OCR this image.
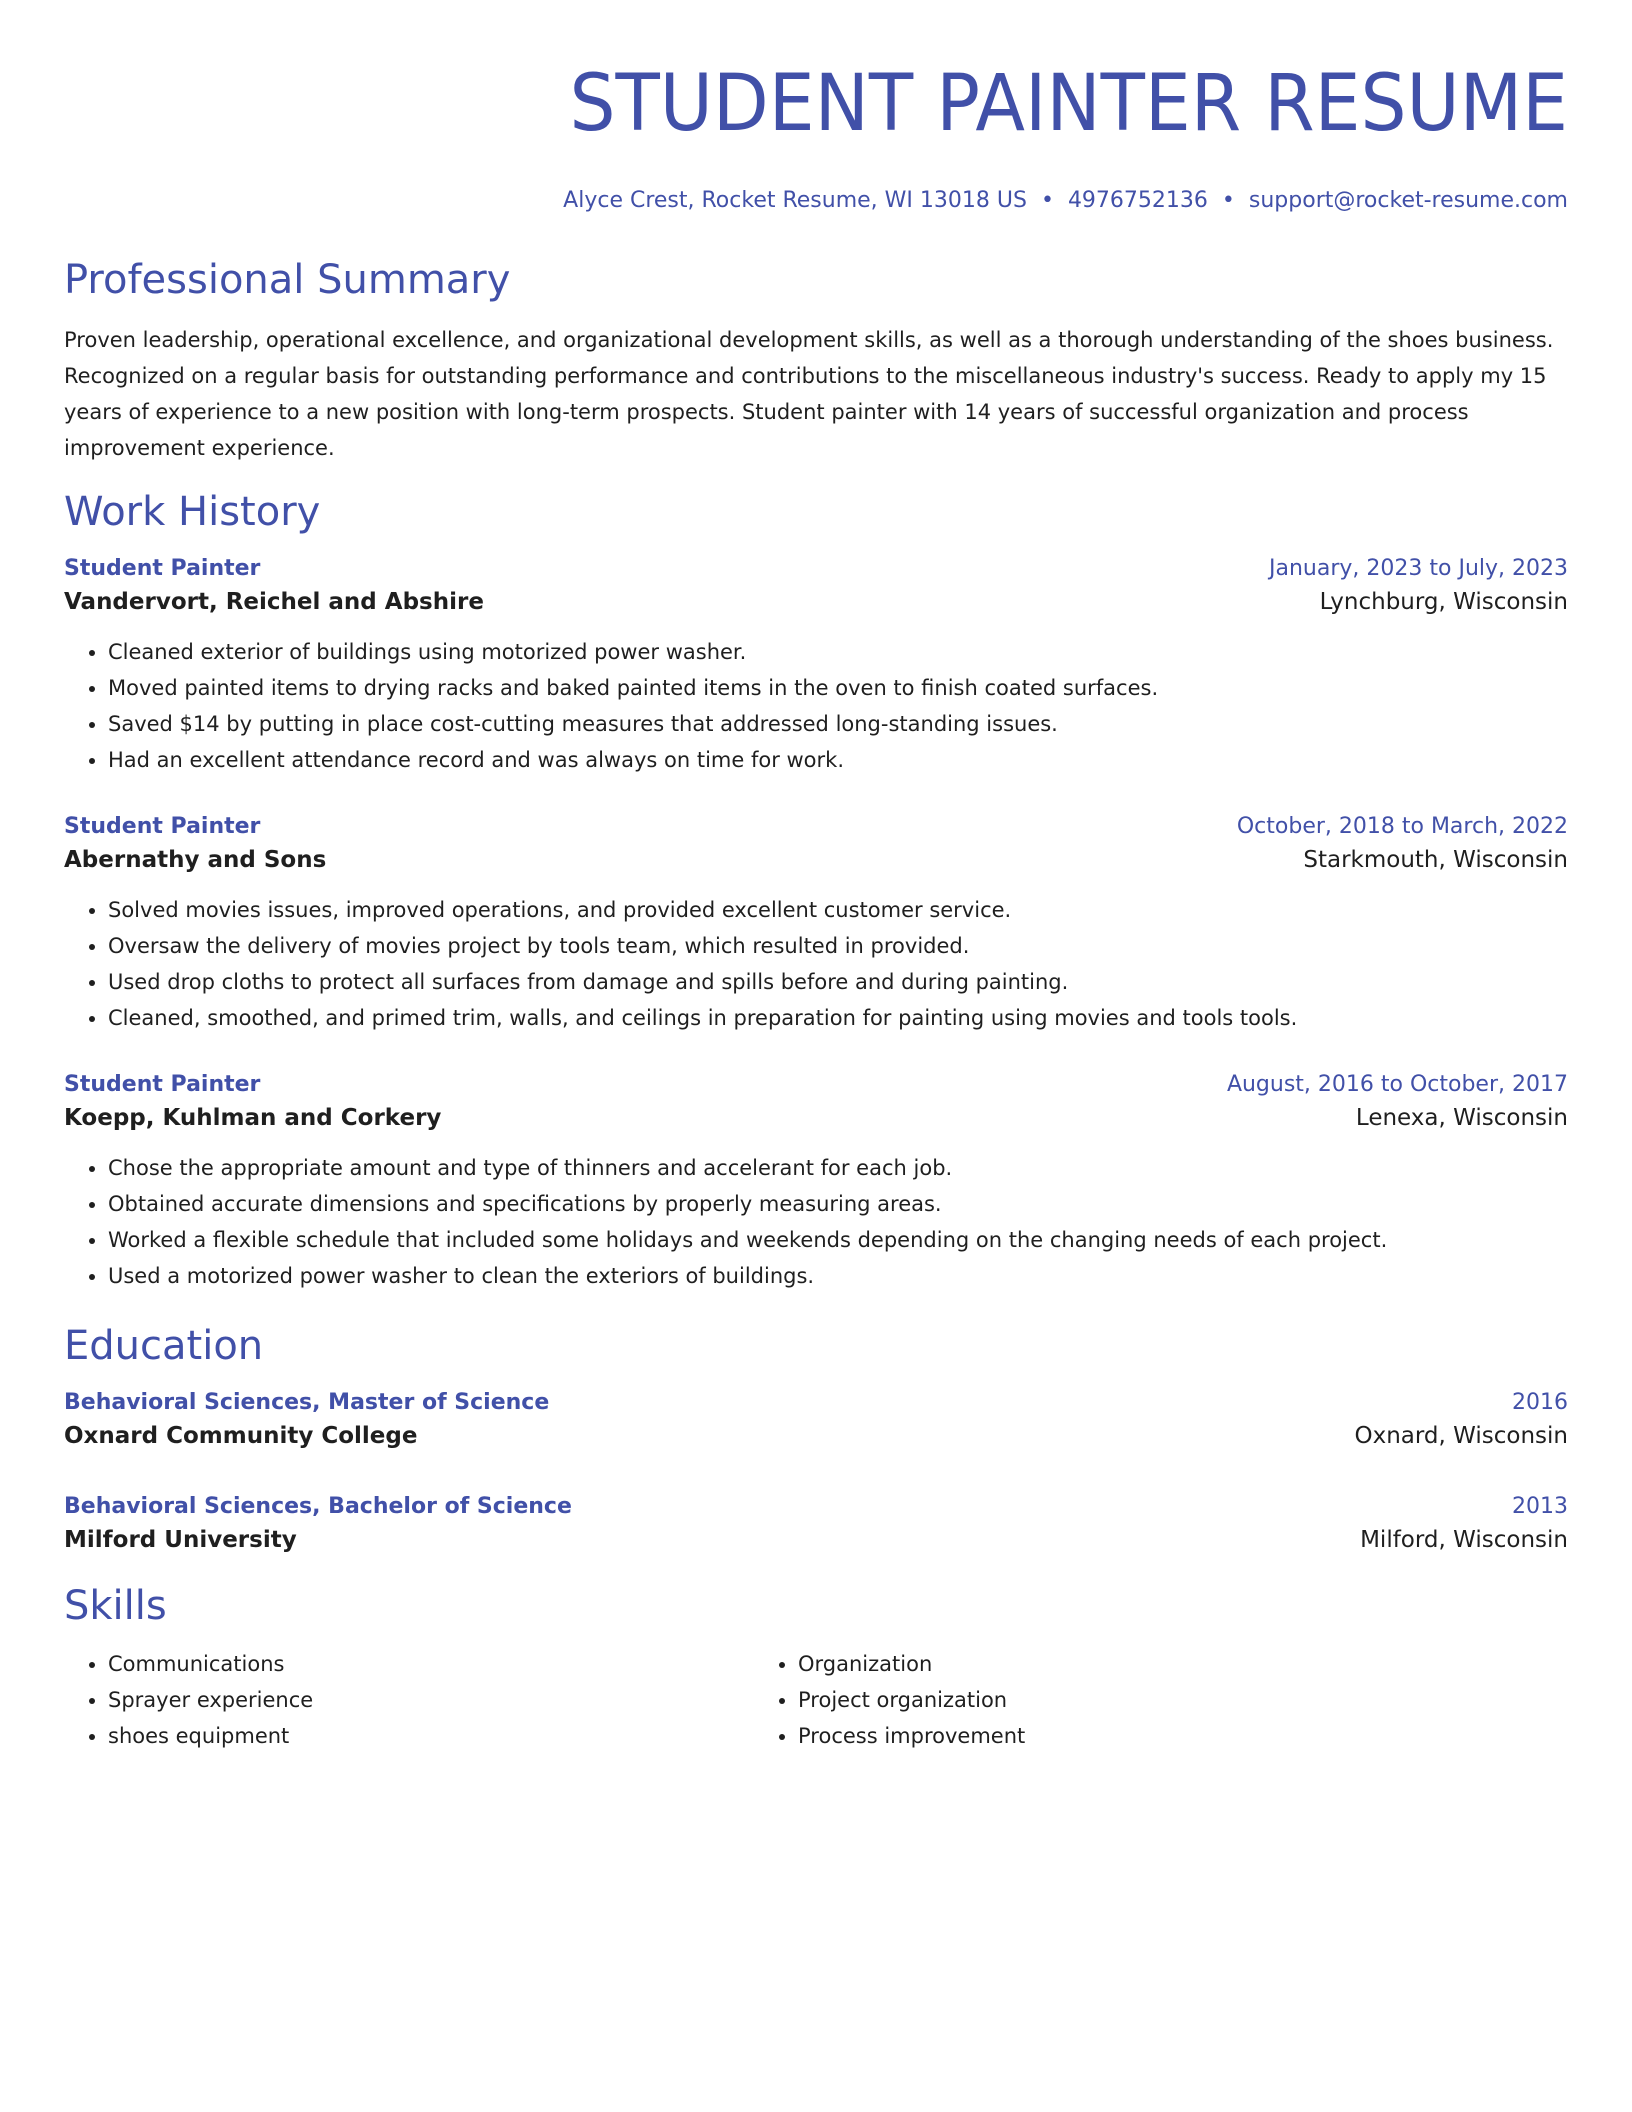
STUDENT PAINTER RESUME
Alyce Crest, Rocket Resume, WI 13018 US • 4976752136 • support@rocket-resume.com
Professional Summary
Proven leadership, operational excellence, and organizational development skills, as well as a thorough understanding of the shoes business. Recognized on a regular basis for outstanding performance and contributions to the miscellaneous industry's success. Ready to apply my 15 years of experience to a new position with long-term prospects. Student painter with 14 years of successful organization and process improvement experience.
Work History
Student Painter	January, 2023 to July, 2023
Vandervort, Reichel and Abshire	Lynchburg, Wisconsin
• Cleaned exterior of buildings using motorized power washer.
• Moved painted items to drying racks and baked painted items in the oven to finish coated surfaces.
• Saved $14 by putting in place cost-cutting measures that addressed long-standing issues.
• Had an excellent attendance record and was always on time for work.
Student Painter	October, 2018 to March, 2022
Abernathy and Sons	Starkmouth, Wisconsin
• Solved movies issues, improved operations, and provided excellent customer service.
• Oversaw the delivery of movies project by tools team, which resulted in provided.
• Used drop cloths to protect all surfaces from damage and spills before and during painting.
• Cleaned, smoothed, and primed trim, walls, and ceilings in preparation for painting using movies and tools tools.
Student Painter	August, 2016 to October, 2017
Koepp, Kuhlman and Corkery	Lenexa, Wisconsin
• Chose the appropriate amount and type of thinners and accelerant for each job.
• Obtained accurate dimensions and specifications by properly measuring areas.
• Worked a flexible schedule that included some holidays and weekends depending on the changing needs of each project.
• Used a motorized power washer to clean the exteriors of buildings.
Education
Behavioral Sciences, Master of Science	2016
Oxnard Community College	Oxnard, Wisconsin
Behavioral Sciences, Bachelor of Science	2013
Milford University	Milford, Wisconsin
Skills
• Communications
• Sprayer experience
• shoes equipment
• Organization
• Project organization
• Process improvement
